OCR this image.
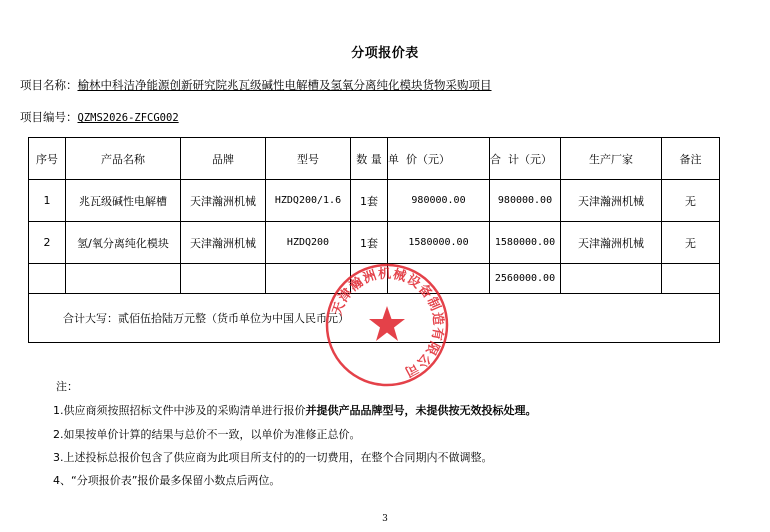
分项报价表
项目名称：榆林中科洁净能源创新研究院兆瓦级碱性电解槽及氢氧分离纯化模块货物采购项目
项目编号：QZMS2026-ZFCG002
序号	产品名称	品牌	型号	数 量	单  价（元）	合  计（元）	生产厂家	备注
1	兆瓦级碱性电解槽	天津瀚洲机械	HZDQ200/1.6	1套	980000.00	980000.00	天津瀚洲机械	无
2	氢/氧分离纯化模块	天津瀚洲机械	HZDQ200	1套	1580000.00	1580000.00	天津瀚洲机械	无
						2560000.00		
合计大写：贰佰伍拾陆万元整（货币单位为中国人民币元）								
天津瀚洲机械设备制造有限公司
注：
1.供应商须按照招标文件中涉及的采购清单进行报价并提供产品品牌型号，未提供按无效投标处理。
2.如果按单价计算的结果与总价不一致，以单价为准修正总价。
3.上述投标总报价包含了供应商为此项目所支付的的一切费用，在整个合同期内不做调整。
4、“分项报价表”报价最多保留小数点后两位。
3
